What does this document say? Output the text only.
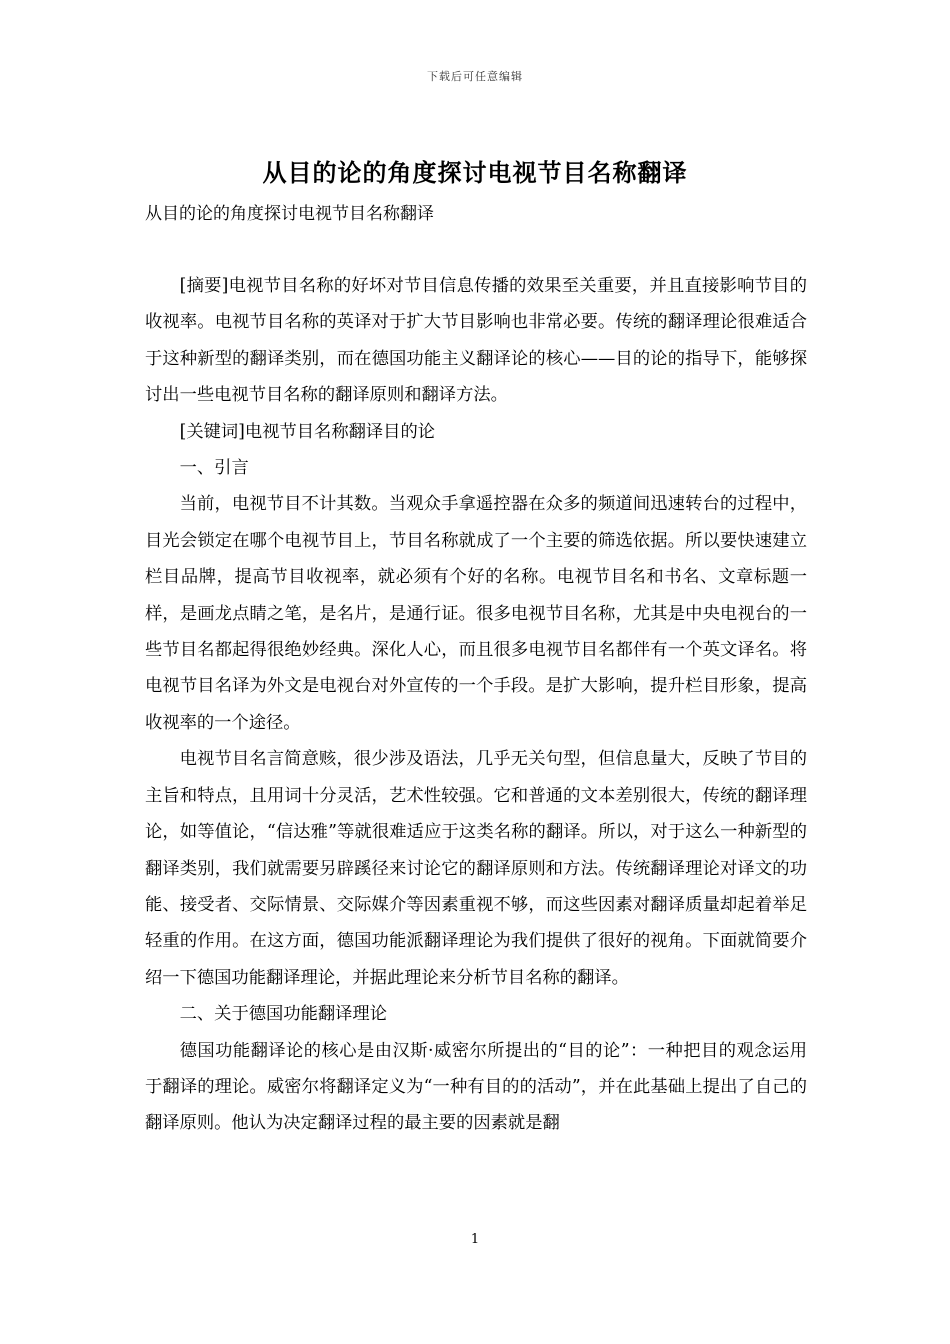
下载后可任意编辑
从目的论的角度探讨电视节目名称翻译
从目的论的角度探讨电视节目名称翻译

[摘要]电视节目名称的好坏对节目信息传播的效果至关重要，并且直接影响节目的收视率。电视节目名称的英译对于扩大节目影响也非常必要。传统的翻译理论很难适合于这种新型的翻译类别，而在德国功能主义翻译论的核心——目的论的指导下，能够探讨出一些电视节目名称的翻译原则和翻译方法。

[关键词]电视节目名称翻译目的论

一、引言

当前，电视节目不计其数。当观众手拿遥控器在众多的频道间迅速转台的过程中，目光会锁定在哪个电视节目上，节目名称就成了一个主要的筛选依据。所以要快速建立栏目品牌，提高节目收视率，就必须有个好的名称。电视节目名和书名、文章标题一样，是画龙点睛之笔，是名片，是通行证。很多电视节目名称，尤其是中央电视台的一些节目名都起得很绝妙经典。深化人心，而且很多电视节目名都伴有一个英文译名。将电视节目名译为外文是电视台对外宣传的一个手段。是扩大影响，提升栏目形象，提高收视率的一个途径。

电视节目名言简意赅，很少涉及语法，几乎无关句型，但信息量大，反映了节目的主旨和特点，且用词十分灵活，艺术性较强。它和普通的文本差别很大，传统的翻译理论，如等值论，“信达雅”等就很难适应于这类名称的翻译。所以，对于这么一种新型的翻译类别，我们就需要另辟蹊径来讨论它的翻译原则和方法。传统翻译理论对译文的功能、接受者、交际情景、交际媒介等因素重视不够，而这些因素对翻译质量却起着举足轻重的作用。在这方面，德国功能派翻译理论为我们提供了很好的视角。下面就简要介绍一下德国功能翻译理论，并据此理论来分析节目名称的翻译。

二、关于德国功能翻译理论

德国功能翻译论的核心是由汉斯·威密尔所提出的“目的论”：一种把目的观念运用于翻译的理论。威密尔将翻译定义为“一种有目的的活动”，并在此基础上提出了自己的翻译原则。他认为决定翻译过程的最主要的因素就是翻

1
